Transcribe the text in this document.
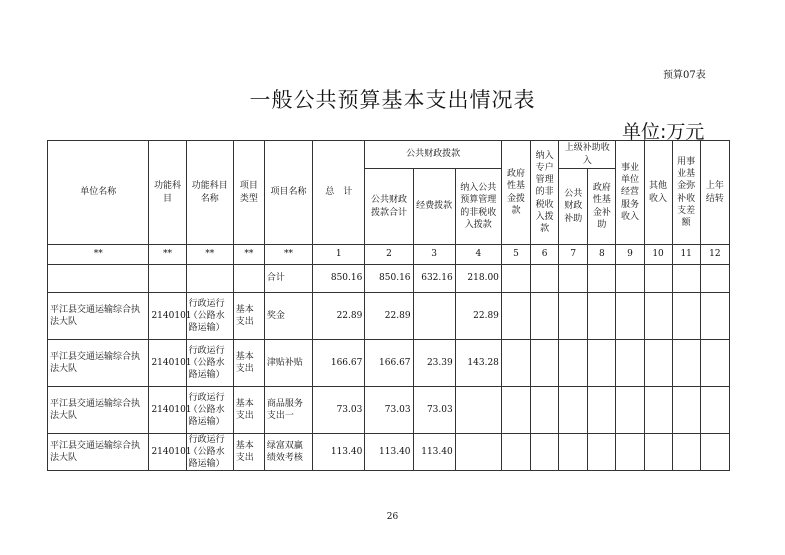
预算07表
一般公共预算基本支出情况表
单位:万元
单位名称	功能科目	功能科目名称	项目类型	项目名称	总　计	公共财政拨款			政府性基金拨款	纳入专户管理的非税收入拨款	上级补助收入		事业单位经营服务收入	其他收入	用事业基金弥补收支差额	上年结转
						公共财政拨款合计	经费拨款	纳入公共预算管理的非税收入拨款			公共财政补助	政府性基金补助				

**	**	**	**	**	1	2	3	4	5	6	7	8	9	10	11	12
				合计	850.16	850.16	632.16	218.00								
平江县交通运输综合执法大队	2140101	行政运行（公路水路运输）	基本支出	奖金	22.89	22.89		22.89								
平江县交通运输综合执法大队	2140101	行政运行（公路水路运输）	基本支出	津贴补贴	166.67	166.67	23.39	143.28								
平江县交通运输综合执法大队	2140101	行政运行（公路水路运输）	基本支出	商品服务支出一	73.03	73.03	73.03									
平江县交通运输综合执法大队	2140101	行政运行（公路水路运输）	基本支出	绿富双赢绩效考核	113.40	113.40	113.40									
26
